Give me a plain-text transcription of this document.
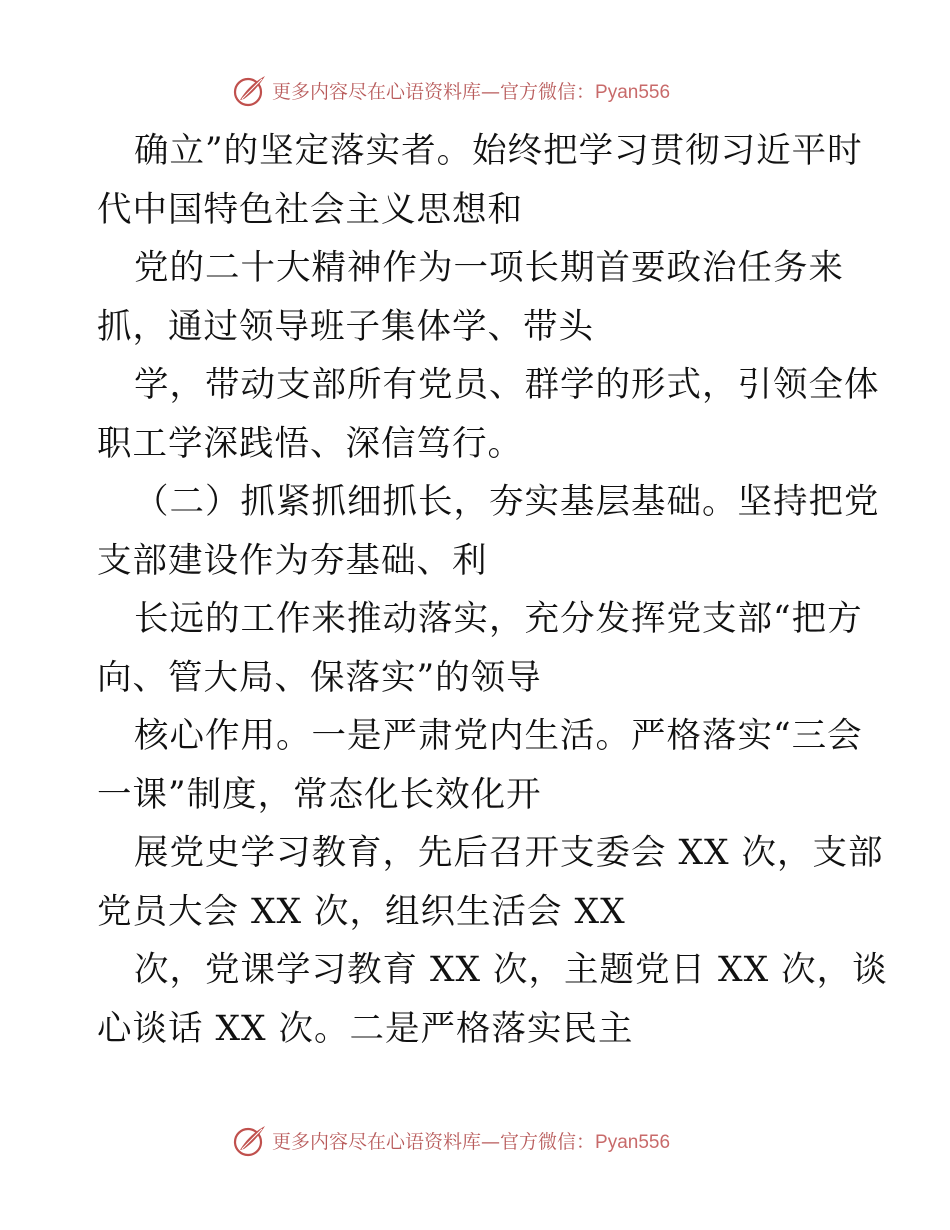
更多内容尽在心语资料库—官方微信：Pyan556
确立”的坚定落实者。始终把学习贯彻习近平时
代中国特色社会主义思想和
党的二十大精神作为一项长期首要政治任务来
抓，通过领导班子集体学、带头
学，带动支部所有党员、群学的形式，引领全体
职工学深践悟、深信笃行。
（二）抓紧抓细抓长，夯实基层基础。坚持把党
支部建设作为夯基础、利
长远的工作来推动落实，充分发挥党支部“把方
向、管大局、保落实”的领导
核心作用。一是严肃党内生活。严格落实“三会
一课”制度，常态化长效化开
展党史学习教育，先后召开支委会 XX 次，支部
党员大会 XX 次，组织生活会 XX
次，党课学习教育 XX 次，主题党日 XX 次，谈
心谈话 XX 次。二是严格落实民主
更多内容尽在心语资料库—官方微信：Pyan556
